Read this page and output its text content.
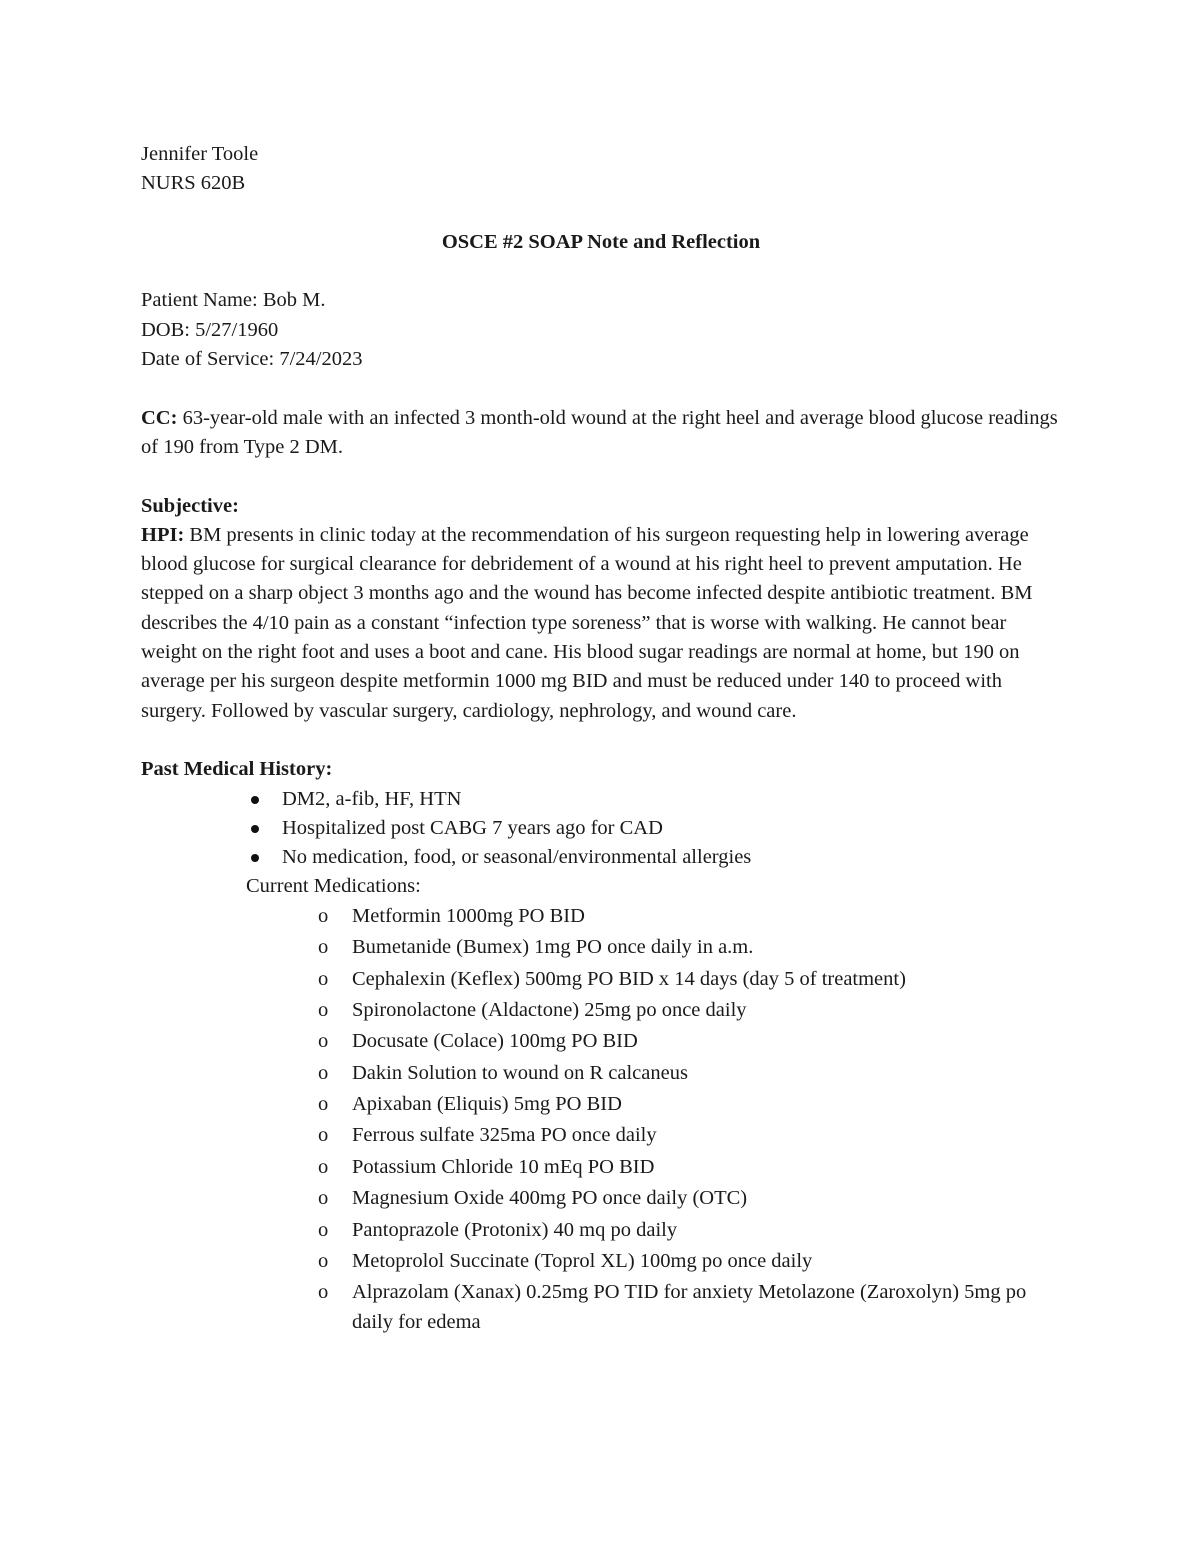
Jennifer Toole
NURS 620B
OSCE #2 SOAP Note and Reflection
Patient Name: Bob M.
DOB: 5/27/1960
Date of Service: 7/24/2023
CC: 63-year-old male with an infected 3 month-old wound at the right heel and average blood glucose readings of 190 from Type 2 DM.
Subjective:
HPI: BM presents in clinic today at the recommendation of his surgeon requesting help in lowering average blood glucose for surgical clearance for debridement of a wound at his right heel to prevent amputation. He stepped on a sharp object 3 months ago and the wound has become infected despite antibiotic treatment. BM describes the 4/10 pain as a constant “infection type soreness” that is worse with walking. He cannot bear weight on the right foot and uses a boot and cane. His blood sugar readings are normal at home, but 190 on average per his surgeon despite metformin 1000 mg BID and must be reduced under 140 to proceed with surgery. Followed by vascular surgery, cardiology, nephrology, and wound care.
Past Medical History:
DM2, a-fib, HF, HTN
Hospitalized post CABG 7 years ago for CAD
No medication, food, or seasonal/environmental allergies
Current Medications:
o Metformin 1000mg PO BID
o Bumetanide (Bumex) 1mg PO once daily in a.m.
o Cephalexin (Keflex) 500mg PO BID x 14 days (day 5 of treatment)
o Spironolactone (Aldactone) 25mg po once daily
o Docusate (Colace) 100mg PO BID
o Dakin Solution to wound on R calcaneus
o Apixaban (Eliquis) 5mg PO BID
o Ferrous sulfate 325ma PO once daily
o Potassium Chloride 10 mEq PO BID
o Magnesium Oxide 400mg PO once daily (OTC)
o Pantoprazole (Protonix) 40 mq po daily
o Metoprolol Succinate (Toprol XL) 100mg po once daily
o Alprazolam (Xanax) 0.25mg PO TID for anxiety Metolazone (Zaroxolyn) 5mg po daily for edema
